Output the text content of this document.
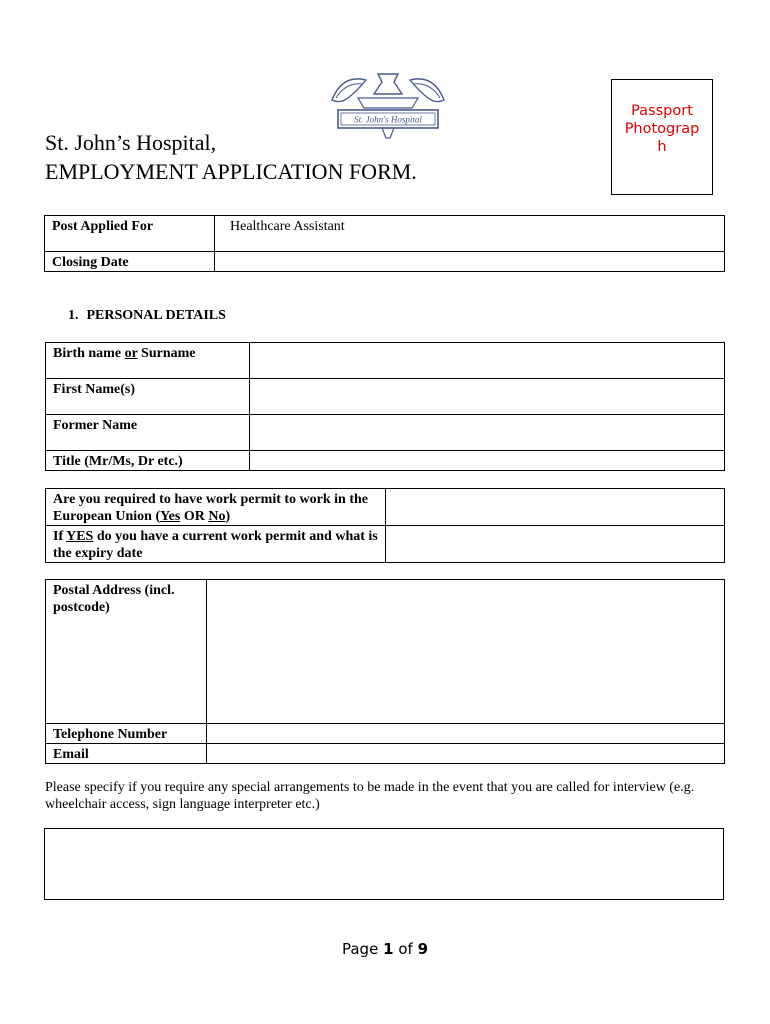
St. John's Hospital
St. John’s Hospital,
EMPLOYMENT APPLICATION FORM.
Passport
Photograp
h
Post Applied For	Healthcare Assistant
Closing Date	
1. PERSONAL DETAILS
Birth name or Surname	
First Name(s)	
Former Name	
Title (Mr/Ms, Dr etc.)	
Are you required to have work permit to work in the European Union (Yes OR No)	
If YES do you have a current work permit and what is the expiry date	
Postal Address (incl. postcode)	
Telephone Number	
Email	
Please specify if you require any special arrangements to be made in the event that you are called for interview (e.g. wheelchair access, sign language interpreter etc.)
Page 1 of 9
